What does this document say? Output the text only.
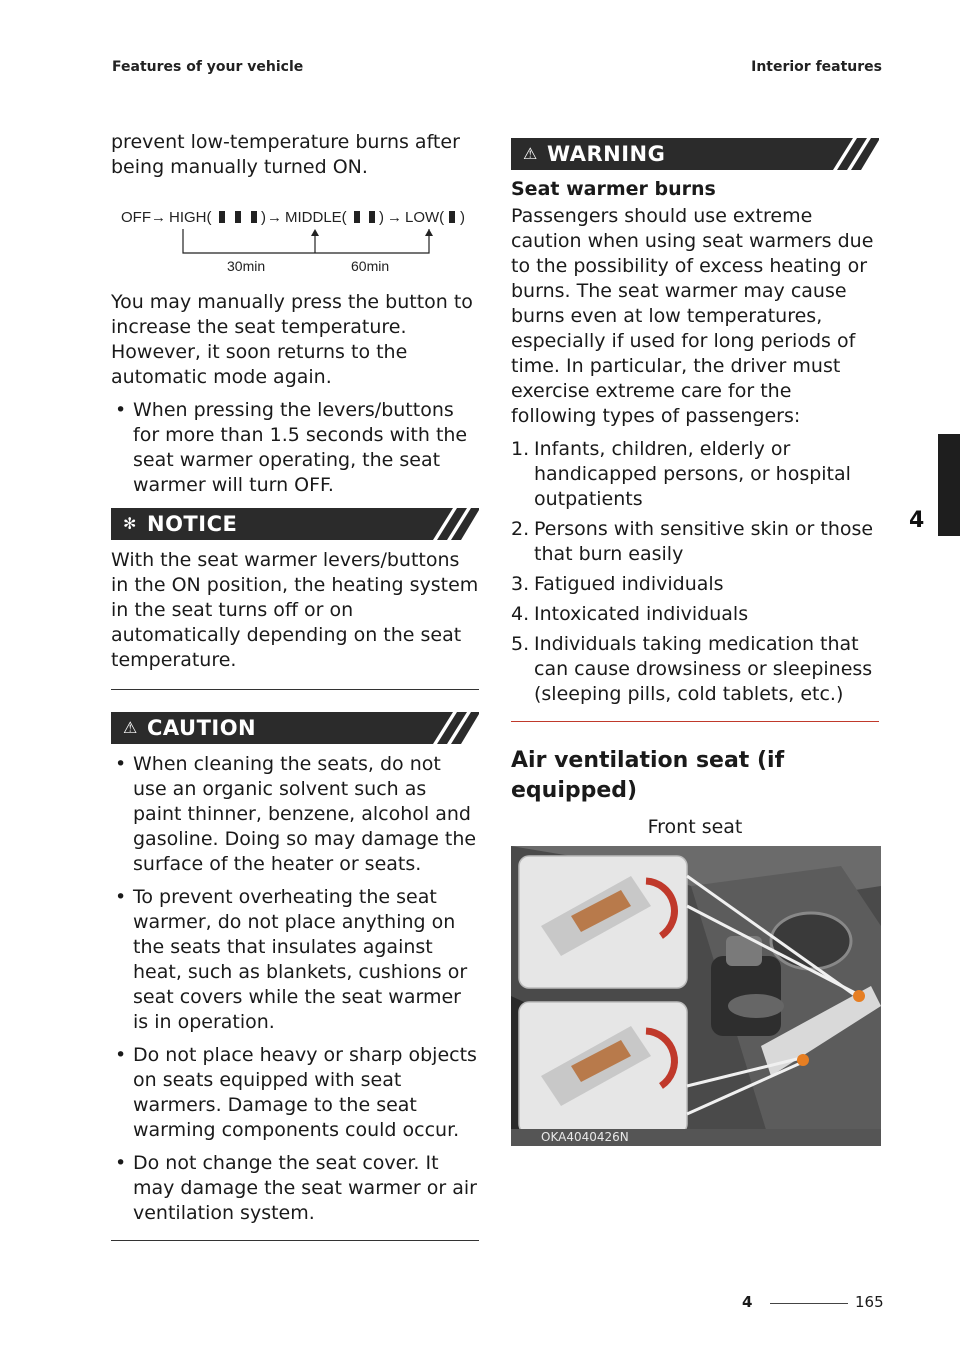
Features of your vehicle	Interior features

prevent low-temperature burns after being manually turned ON.

OFF → HIGH(	) → MIDDLE( ) → LOW( )
30min	60min

You may manually press the button to increase the seat temperature. However, it soon returns to the automatic mode again.

• When pressing the levers/buttons for more than 1.5 seconds with the seat warmer operating, the seat warmer will turn OFF.
✻ NOTICE

With the seat warmer levers/buttons in the ON position, the heating system in the seat turns off or on automatically depending on the seat temperature.

⚠ CAUTION
• When cleaning the seats, do not use an organic solvent such as paint thinner, benzene, alcohol and gasoline. Doing so may damage the surface of the heater or seats.
• To prevent overheating the seat warmer, do not place anything on the seats that insulates against heat, such as blankets, cushions or seat covers while the seat warmer is in operation.
• Do not place heavy or sharp objects on seats equipped with seat warmers. Damage to the seat warming components could occur.
• Do not change the seat cover. It may damage the seat warmer or air ventilation system.
⚠ WARNING
Seat warmer burns

Passengers should use extreme caution when using seat warmers due to the possibility of excess heating or burns. The seat warmer may cause burns even at low temperatures, especially if used for long periods of time. In particular, the driver must exercise extreme care for the following types of passengers:

1. Infants, children, elderly or handicapped persons, or hospital outpatients
2. Persons with sensitive skin or those that burn easily
3. Fatigued individuals
4. Intoxicated individuals
5. Individuals taking medication that can cause drowsiness or sleepiness (sleeping pills, cold tablets, etc.)
Air ventilation seat (if equipped)
Front seat
OKA4040426N
4
4	165
